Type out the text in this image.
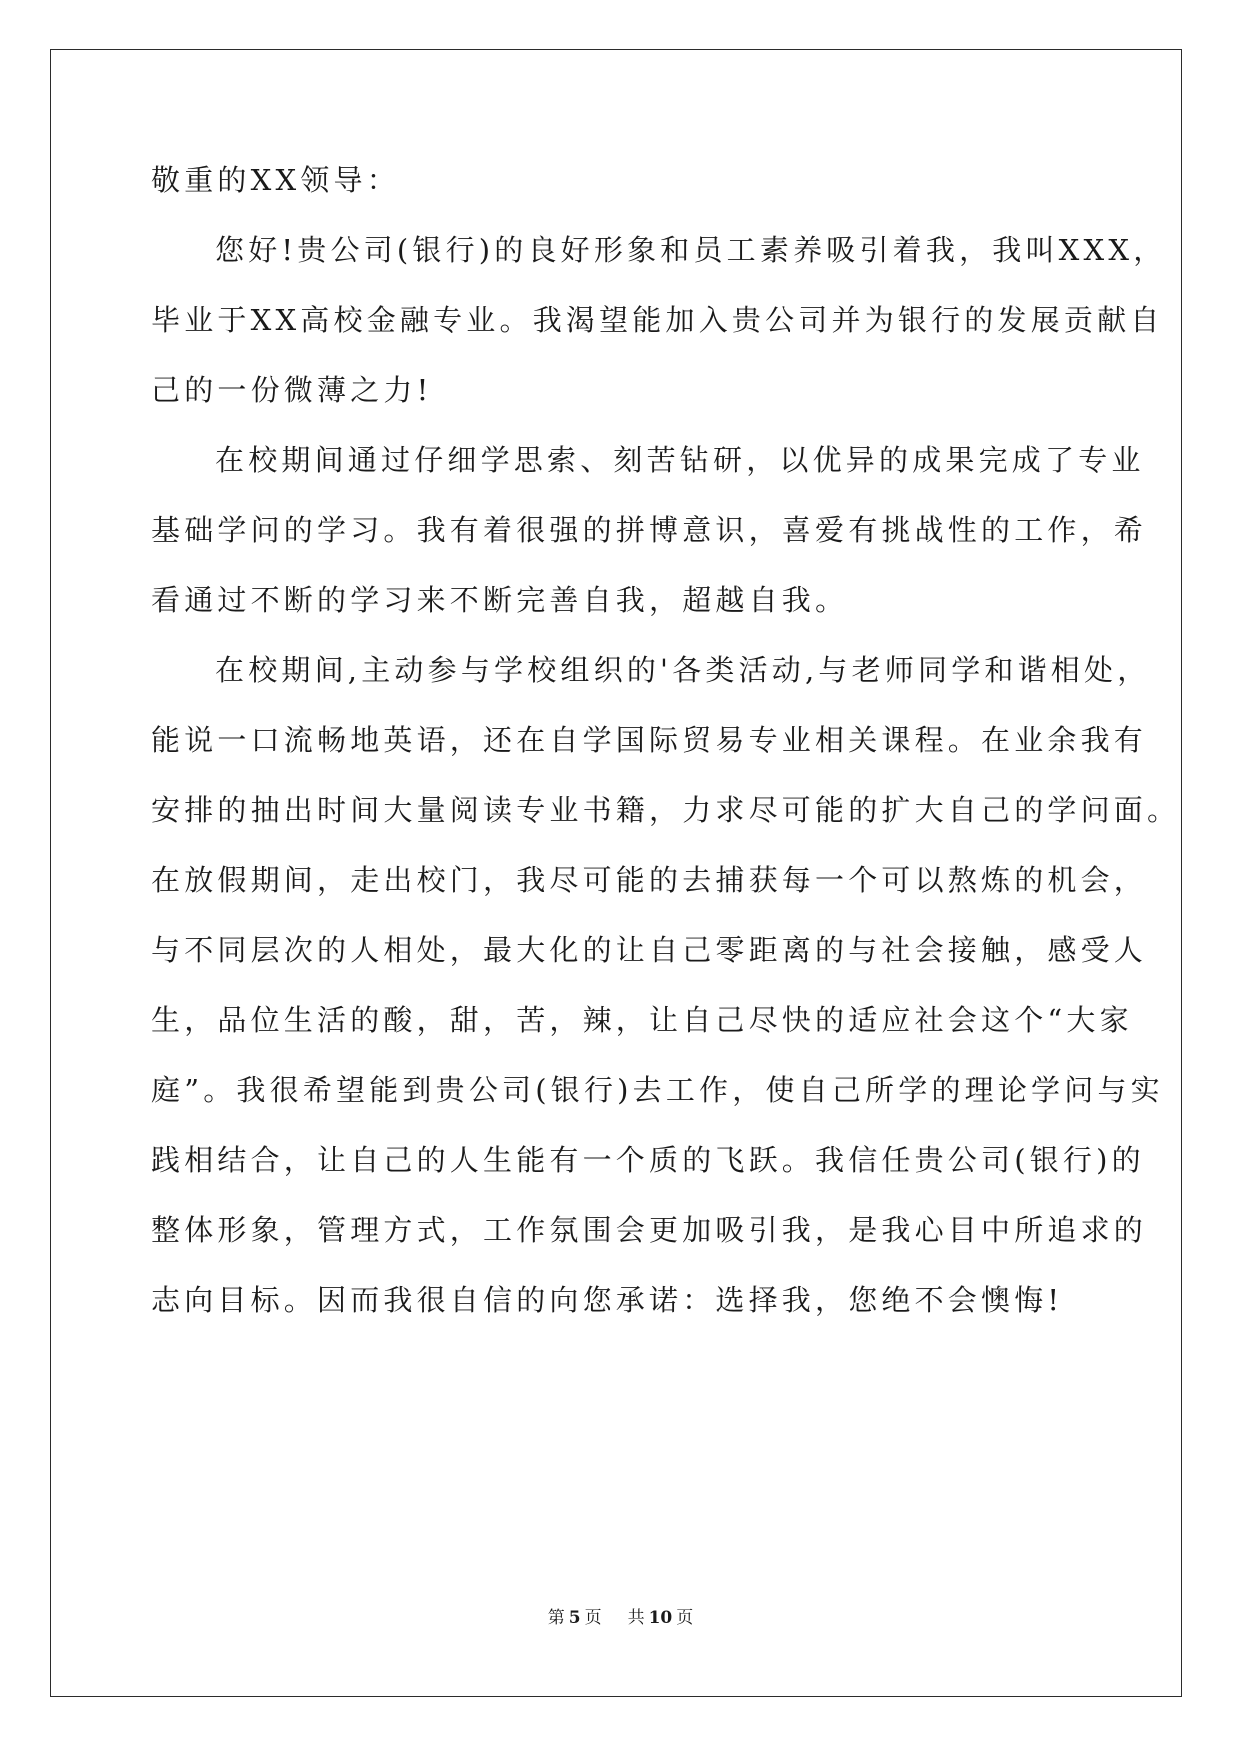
敬重的XX领导：
您好!贵公司(银行)的良好形象和员工素养吸引着我，我叫XXX，
毕业于XX高校金融专业。我渴望能加入贵公司并为银行的发展贡献自
己的一份微薄之力!
在校期间通过仔细学思索、刻苦钻研，以优异的成果完成了专业
基础学问的学习。我有着很强的拼博意识，喜爱有挑战性的工作，希
看通过不断的学习来不断完善自我，超越自我。
在校期间,主动参与学校组织的'各类活动,与老师同学和谐相处，
能说一口流畅地英语，还在自学国际贸易专业相关课程。在业余我有
安排的抽出时间大量阅读专业书籍，力求尽可能的扩大自己的学问面。
在放假期间，走出校门，我尽可能的去捕获每一个可以熬炼的机会，
与不同层次的人相处，最大化的让自己零距离的与社会接触，感受人
生，品位生活的酸，甜，苦，辣，让自己尽快的适应社会这个“大家
庭”。我很希望能到贵公司(银行)去工作，使自己所学的理论学问与实
践相结合，让自己的人生能有一个质的飞跃。我信任贵公司(银行)的
整体形象，管理方式，工作氛围会更加吸引我，是我心目中所追求的
志向目标。因而我很自信的向您承诺：选择我，您绝不会懊悔!
第 5 页 共 10 页
